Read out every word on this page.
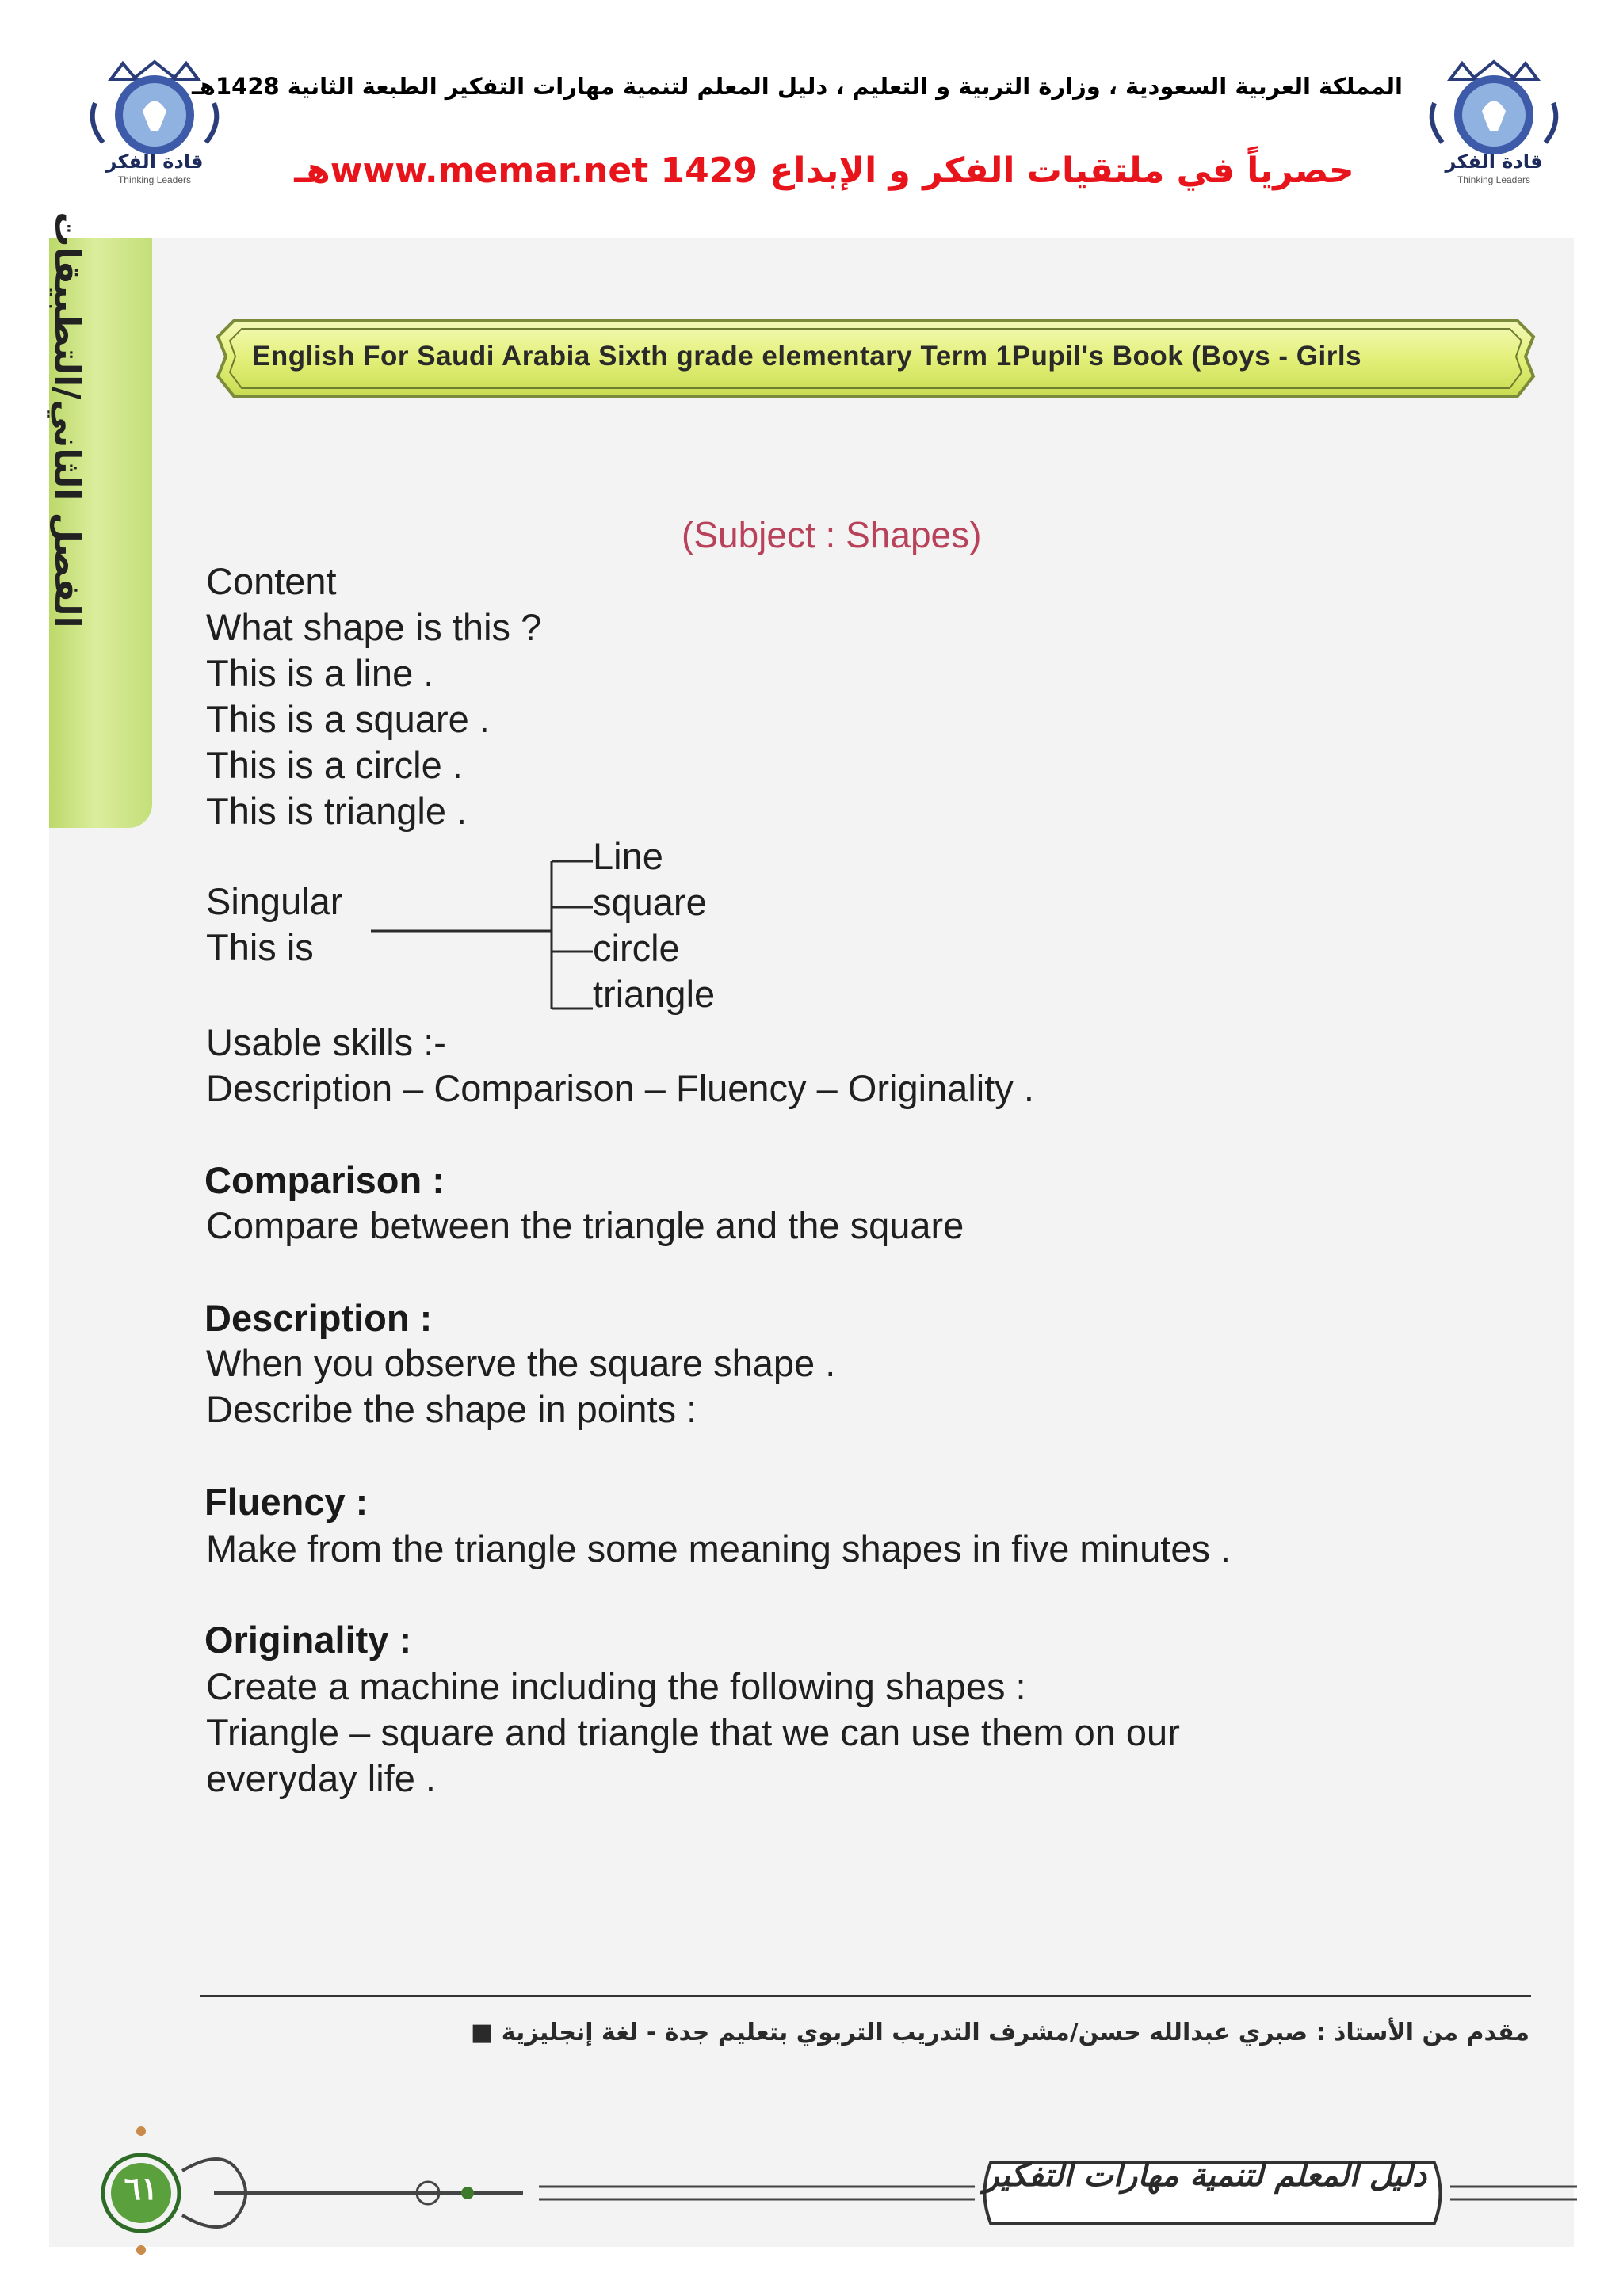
قادة الفكر
Thinking Leaders
قادة الفكر
Thinking Leaders
المملكة العربية السعودية ، وزارة التربية و التعليم ، دليل المعلم لتنمية مهارات التفكير الطبعة الثانية 1428هـ
حصرياً في ملتقيات الفكر و الإبداع www.memar.net 1429هـ
الفصل الثاني/التطبيقات	English For Saudi Arabia Sixth grade elementary Term 1Pupil's Book (Boys - Girls
(Subject : Shapes)
Content
What shape is this ?
This is a line .
This is a square .
This is a circle .
This is triangle .
Singular
This is
Line
square
circle
triangle
Usable skills :-
Description – Comparison – Fluency – Originality .
Comparison :
Compare between the triangle and the square
Description :
When you observe the square shape .
Describe the shape in points :
Fluency :
Make from the triangle some meaning shapes in five minutes .
Originality :
Create a machine including the following shapes :
Triangle – square and triangle that we can use them on our
everyday life .
مقدم من الأستاذ : صبري عبدالله حسن/مشرف التدريب التربوي بتعليم جدة - لغة إنجليزية ■
٦١	دليل المعلم لتنمية مهارات التفكير
